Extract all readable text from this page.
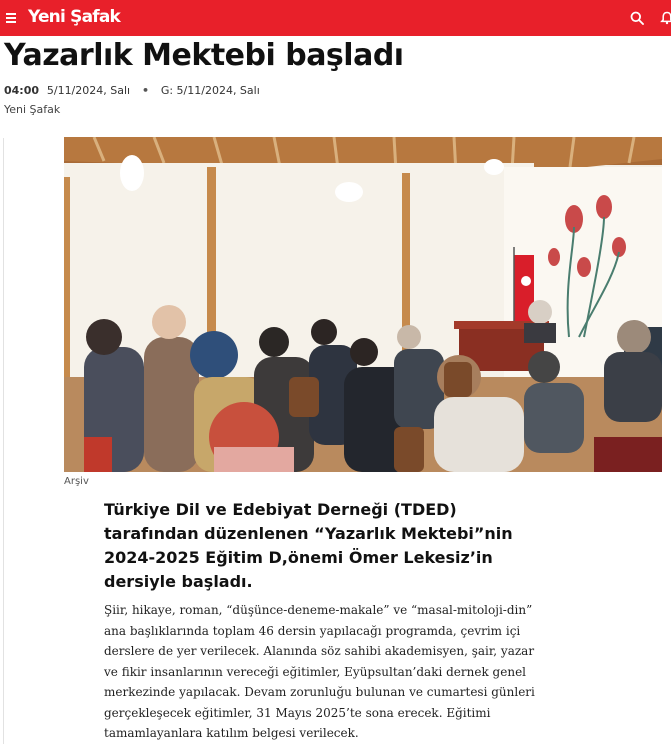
Yeni Şafak
Yazarlık Mektebi başladı
04:00 5/11/2024, Salı • G: 5/11/2024, Salı
Yeni Şafak
Arşiv

Türkiye Dil ve Edebiyat Derneği (TDED) tarafından düzenlenen “Yazarlık Mektebi”nin 2024-2025 Eğitim D,önemi Ömer Lekesiz’in dersiyle başladı.

Şiir, hikaye, roman, “düşünce-deneme-makale” ve “masal-mitoloji-din” ana başlıklarında toplam 46 dersin yapılacağı programda, çevrim içi derslere de yer verilecek. Alanında söz sahibi akademisyen, şair, yazar ve fikir insanlarının vereceği eğitimler, Eyüpsultan’daki dernek genel merkezinde yapılacak. Devam zorunluğu bulunan ve cumartesi günleri gerçekleşecek eğitimler, 31 Mayıs 2025’te sona erecek. Eğitimi tamamlayanlara katılım belgesi verilecek.
